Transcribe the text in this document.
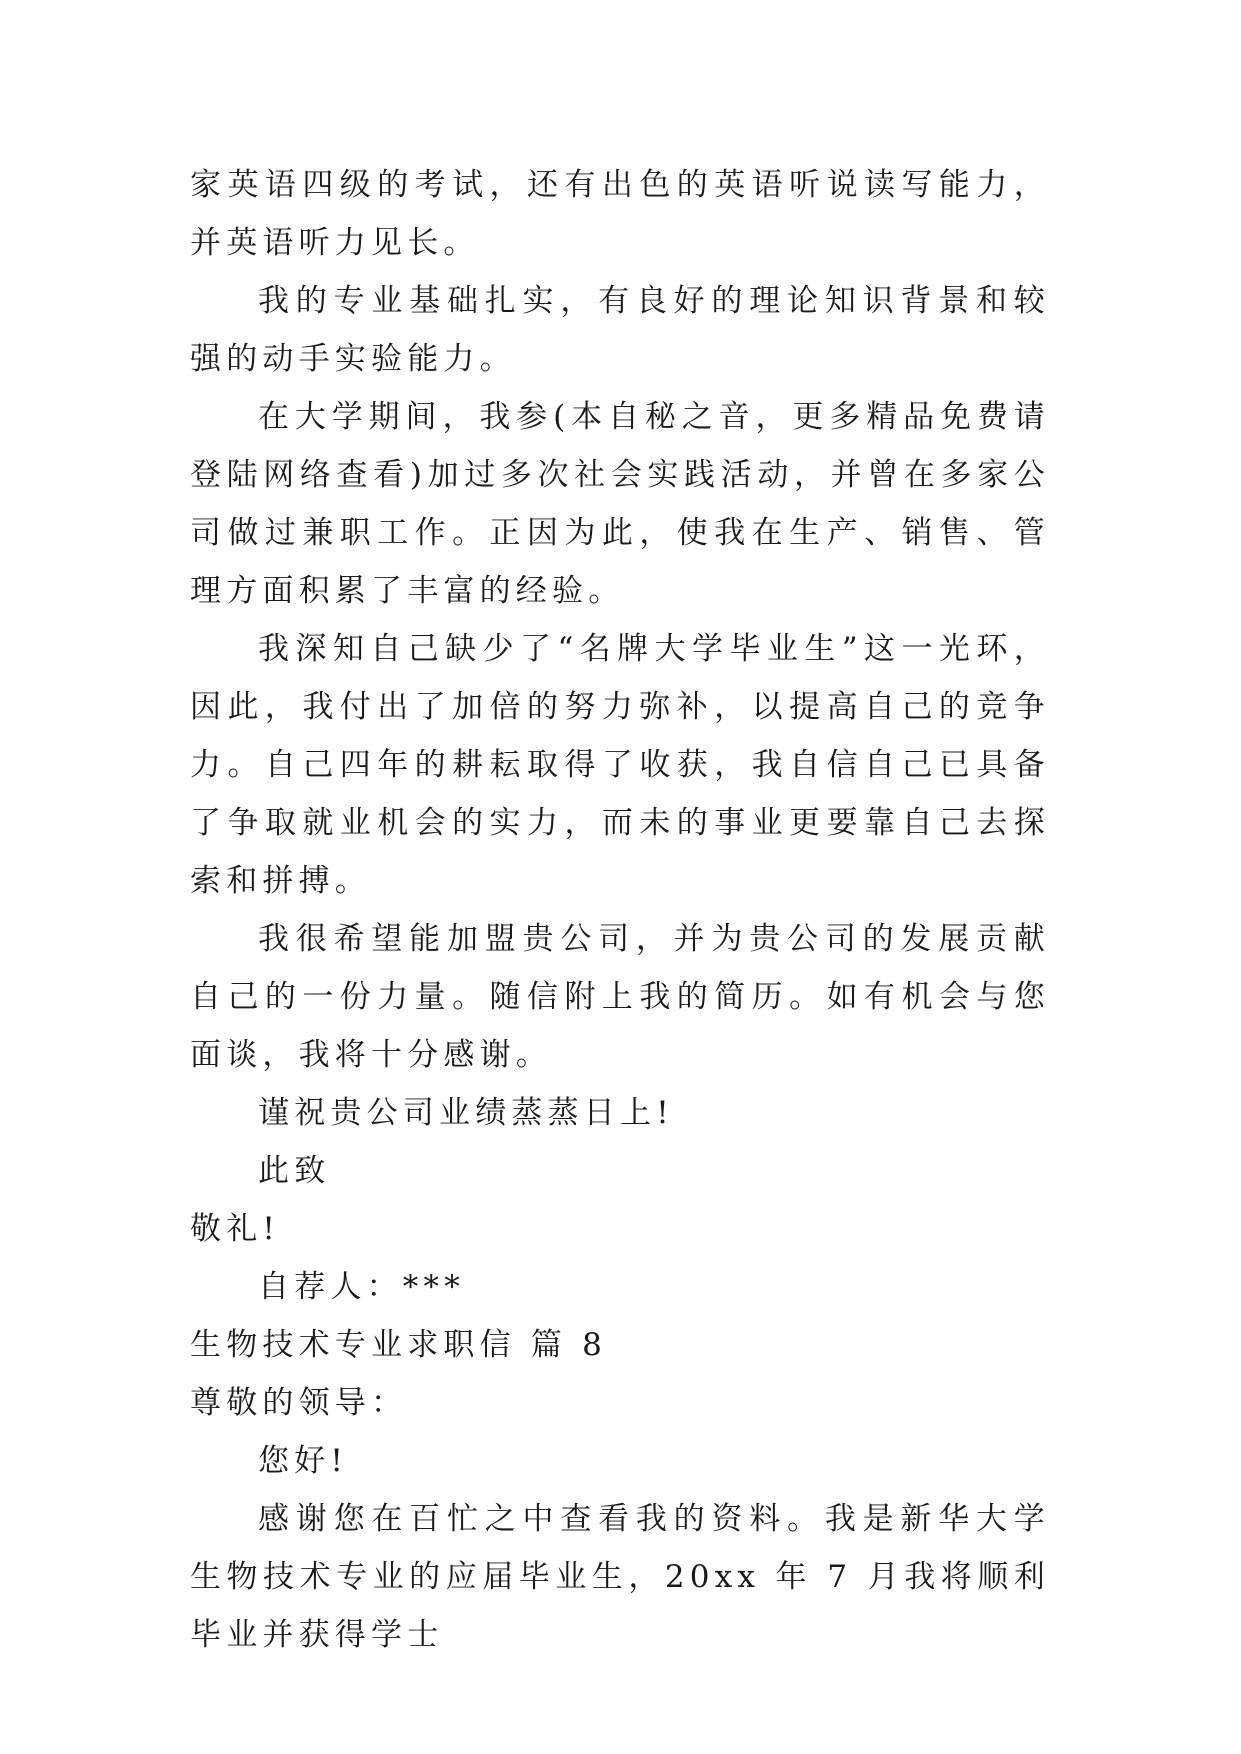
家英语四级的考试，还有出色的英语听说读写能力，并英语听力见长。

我的专业基础扎实，有良好的理论知识背景和较强的动手实验能力。

在大学期间，我参(本自秘之音，更多精品免费请登陆网络查看)加过多次社会实践活动，并曾在多家公司做过兼职工作。正因为此，使我在生产、销售、管理方面积累了丰富的经验。

我深知自己缺少了“名牌大学毕业生”这一光环，因此，我付出了加倍的努力弥补，以提高自己的竞争力。自己四年的耕耘取得了收获，我自信自己已具备了争取就业机会的实力，而未的事业更要靠自己去探索和拼搏。

我很希望能加盟贵公司，并为贵公司的发展贡献自己的一份力量。随信附上我的简历。如有机会与您面谈，我将十分感谢。

谨祝贵公司业绩蒸蒸日上!

此致

敬礼!

自荐人：***

生物技术专业求职信 篇 8

尊敬的领导：

您好!

感谢您在百忙之中查看我的资料。我是新华大学生物技术专业的应届毕业生，20xx 年 7 月我将顺利毕业并获得学士
